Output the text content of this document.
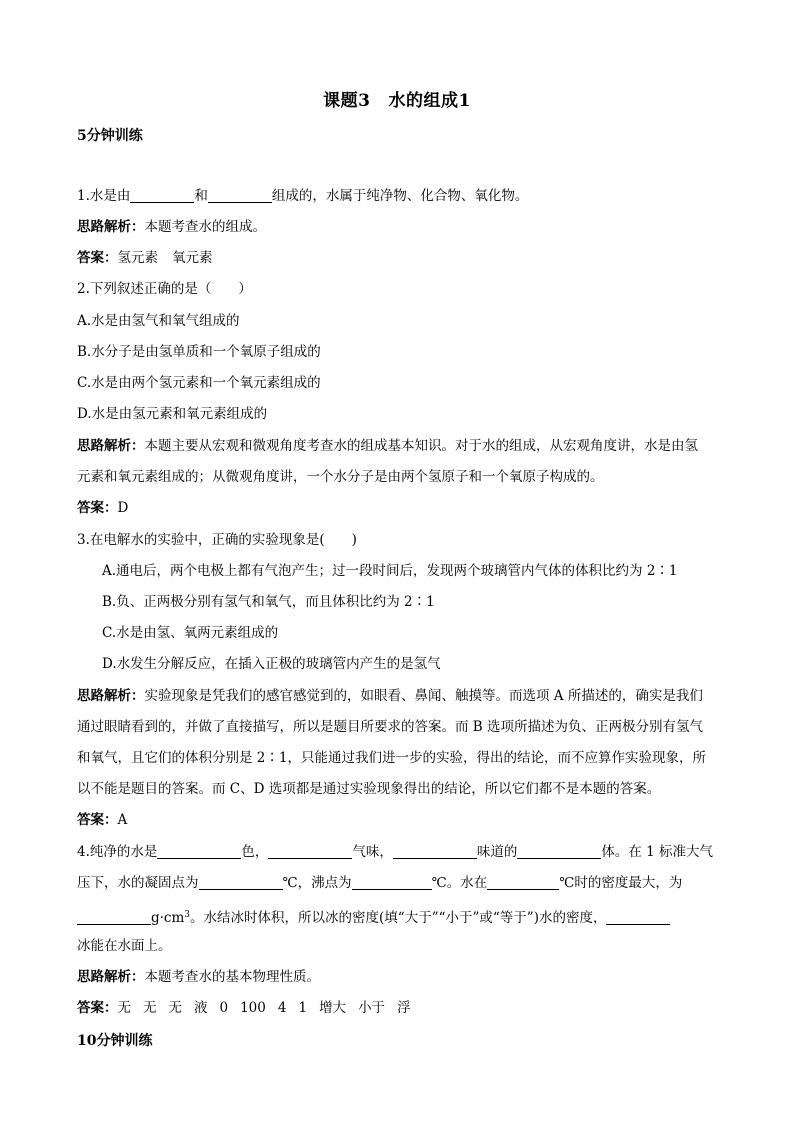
课题3 水的组成1
5分钟训练
1.水是由	和	组成的，水属于纯净物、化合物、氧化物。
思路解析：本题考查水的组成。
答案：氢元素 氧元素
2.下列叙述正确的是（　　）
A.水是由氢气和氧气组成的
B.水分子是由氢单质和一个氧原子组成的
C.水是由两个氢元素和一个氧元素组成的
D.水是由氢元素和氧元素组成的
思路解析：本题主要从宏观和微观角度考查水的组成基本知识。对于水的组成，从宏观角度讲，水是由氢
元素和氧元素组成的；从微观角度讲，一个水分子是由两个氢原子和一个氧原子构成的。
答案：D
3.在电解水的实验中，正确的实验现象是(　　)
A.通电后，两个电极上都有气泡产生；过一段时间后，发现两个玻璃管内气体的体积比约为 2∶1
B.负、正两极分别有氢气和氧气，而且体积比约为 2∶1
C.水是由氢、氧两元素组成的
D.水发生分解反应，在插入正极的玻璃管内产生的是氢气
思路解析：实验现象是凭我们的感官感觉到的，如眼看、鼻闻、触摸等。而选项 A 所描述的，确实是我们
通过眼睛看到的，并做了直接描写，所以是题目所要求的答案。而 B 选项所描述为负、正两极分别有氢气
和氧气，且它们的体积分别是 2∶1，只能通过我们进一步的实验，得出的结论，而不应算作实验现象，所
以不能是题目的答案。而 C、D 选项都是通过实验现象得出的结论，所以它们都不是本题的答案。
答案：A
4.纯净的水是	色，	气味，	味道的	体。在 1 标准大气
压下，水的凝固点为	℃，沸点为	℃。水在	℃时的密度最大，为
$g\cdot cm^3$。水结冰时体积，所以冰的密度(填“大于”“小于”或“等于”)水的密度，
冰能在水面上。
思路解析：本题考查水的基本物理性质。
答案：无 无 无 液 0 100 4 1 增大 小于 浮
10分钟训练
